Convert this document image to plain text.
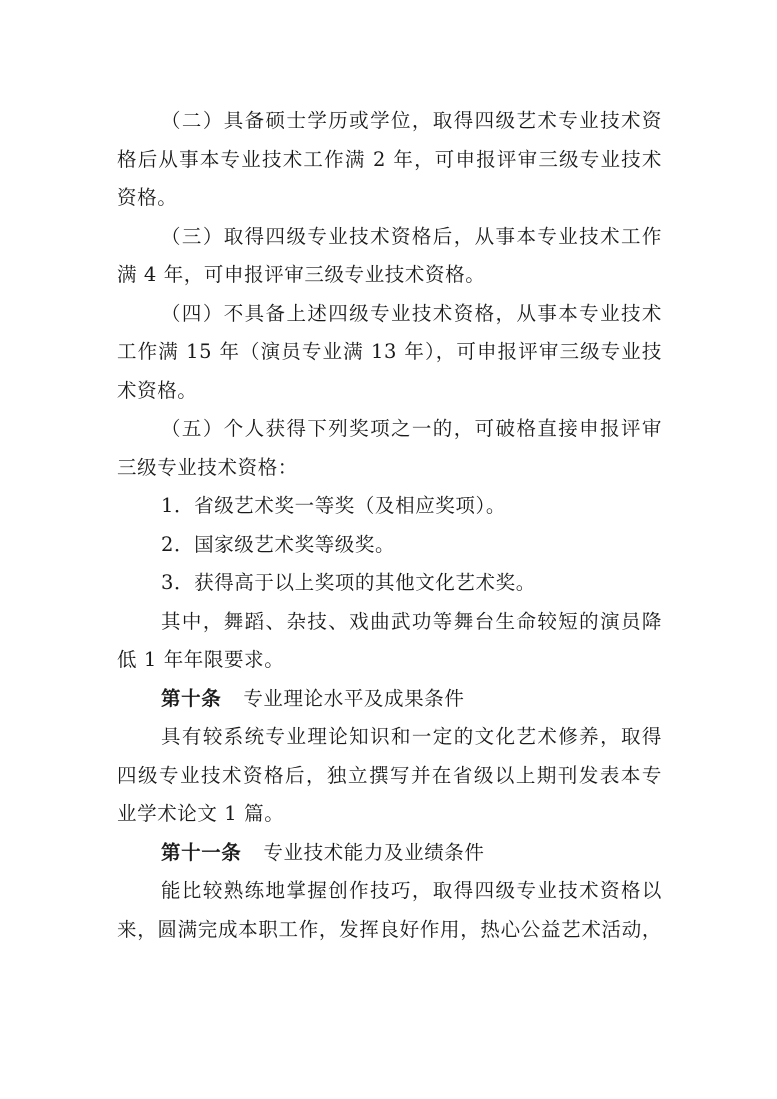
（二）具备硕士学历或学位，取得四级艺术专业技术资
格后从事本专业技术工作满 2 年，可申报评审三级专业技术
资格。
（三）取得四级专业技术资格后，从事本专业技术工作
满 4 年，可申报评审三级专业技术资格。
（四）不具备上述四级专业技术资格，从事本专业技术
工作满 15 年（演员专业满 13 年），可申报评审三级专业技
术资格。
（五）个人获得下列奖项之一的，可破格直接申报评审
三级专业技术资格：
1．省级艺术奖一等奖（及相应奖项）。
2．国家级艺术奖等级奖。
3．获得高于以上奖项的其他文化艺术奖。
其中，舞蹈、杂技、戏曲武功等舞台生命较短的演员降
低 1 年年限要求。
第十条 专业理论水平及成果条件
具有较系统专业理论知识和一定的文化艺术修养，取得
四级专业技术资格后，独立撰写并在省级以上期刊发表本专
业学术论文 1 篇。
第十一条 专业技术能力及业绩条件
能比较熟练地掌握创作技巧，取得四级专业技术资格以
来，圆满完成本职工作，发挥良好作用，热心公益艺术活动，
